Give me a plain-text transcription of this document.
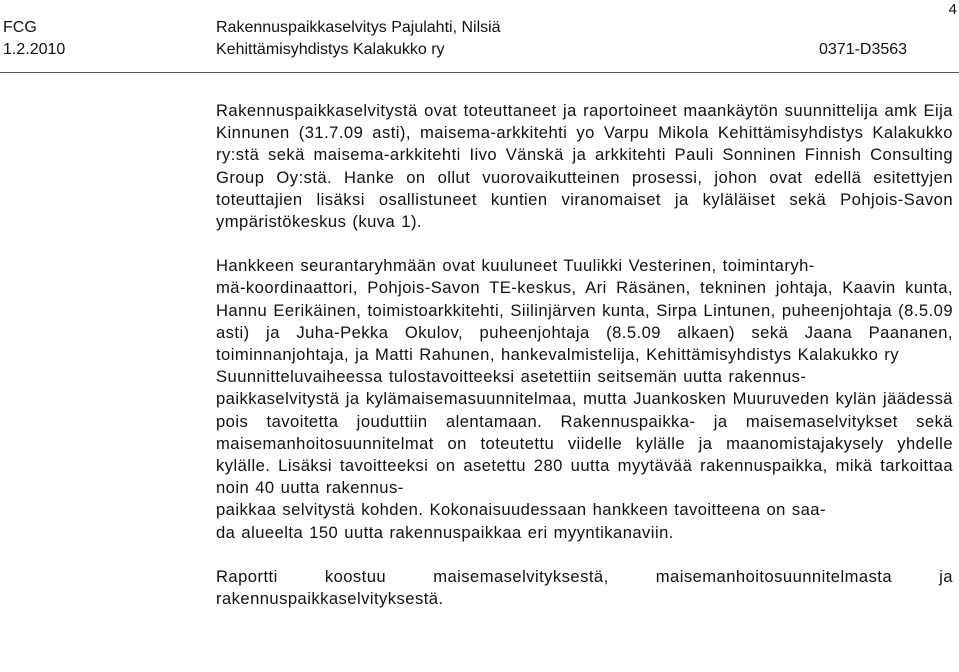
FCG
1.2.2010
Rakennuspaikkaselvitys Pajulahti, Nilsiä
Kehittämisyhdistys Kalakukko ry	0371-D3563
4

Rakennuspaikkaselvitystä ovat toteuttaneet ja raportoineet maankäytön suunnittelija amk Eija Kinnunen (31.7.09 asti), maisema-arkkitehti yo Varpu Mikola Kehittämisyhdistys Kalakukko ry:stä sekä maisema-arkkitehti Iivo Vänskä ja arkkitehti Pauli Sonninen Finnish Consulting Group Oy:stä. Hanke on ollut vuorovaikutteinen prosessi, johon ovat edellä esitettyjen toteuttajien lisäksi osallistuneet kuntien viranomaiset ja kyläläiset sekä Pohjois-Savon ympäristökeskus (kuva 1).

Hankkeen seurantaryhmään ovat kuuluneet Tuulikki Vesterinen, toimintaryh-
mä-koordinaattori, Pohjois-Savon TE-keskus, Ari Räsänen, tekninen johtaja, Kaavin kunta, Hannu Eerikäinen, toimistoarkkitehti, Siilinjärven kunta, Sirpa Lintunen, puheenjohtaja (8.5.09 asti) ja Juha-Pekka Okulov, puheenjohtaja (8.5.09 alkaen) sekä Jaana Paananen, toiminnanjohtaja, ja Matti Rahunen, hankevalmistelija, Kehittämisyhdistys Kalakukko ry
Suunnitteluvaiheessa tulostavoitteeksi asetettiin seitsemän uutta rakennus-
paikkaselvitystä ja kylämaisemasuunnitelmaa, mutta Juankosken Muuruveden kylän jäädessä pois tavoitetta jouduttiin alentamaan. Rakennuspaikka- ja maisemaselvitykset sekä maisemanhoitosuunnitelmat on toteutettu viidelle kylälle ja maanomistajakysely yhdelle kylälle. Lisäksi tavoitteeksi on asetettu 280 uutta myytävää rakennuspaikka, mikä tarkoittaa noin 40 uutta rakennus-
paikkaa selvitystä kohden. Kokonaisuudessaan hankkeen tavoitteena on saa-
da alueelta 150 uutta rakennuspaikkaa eri myyntikanaviin.

Raportti koostuu maisemaselvityksestä, maisemanhoitosuunnitelmasta ja rakennuspaikkaselvityksestä.
